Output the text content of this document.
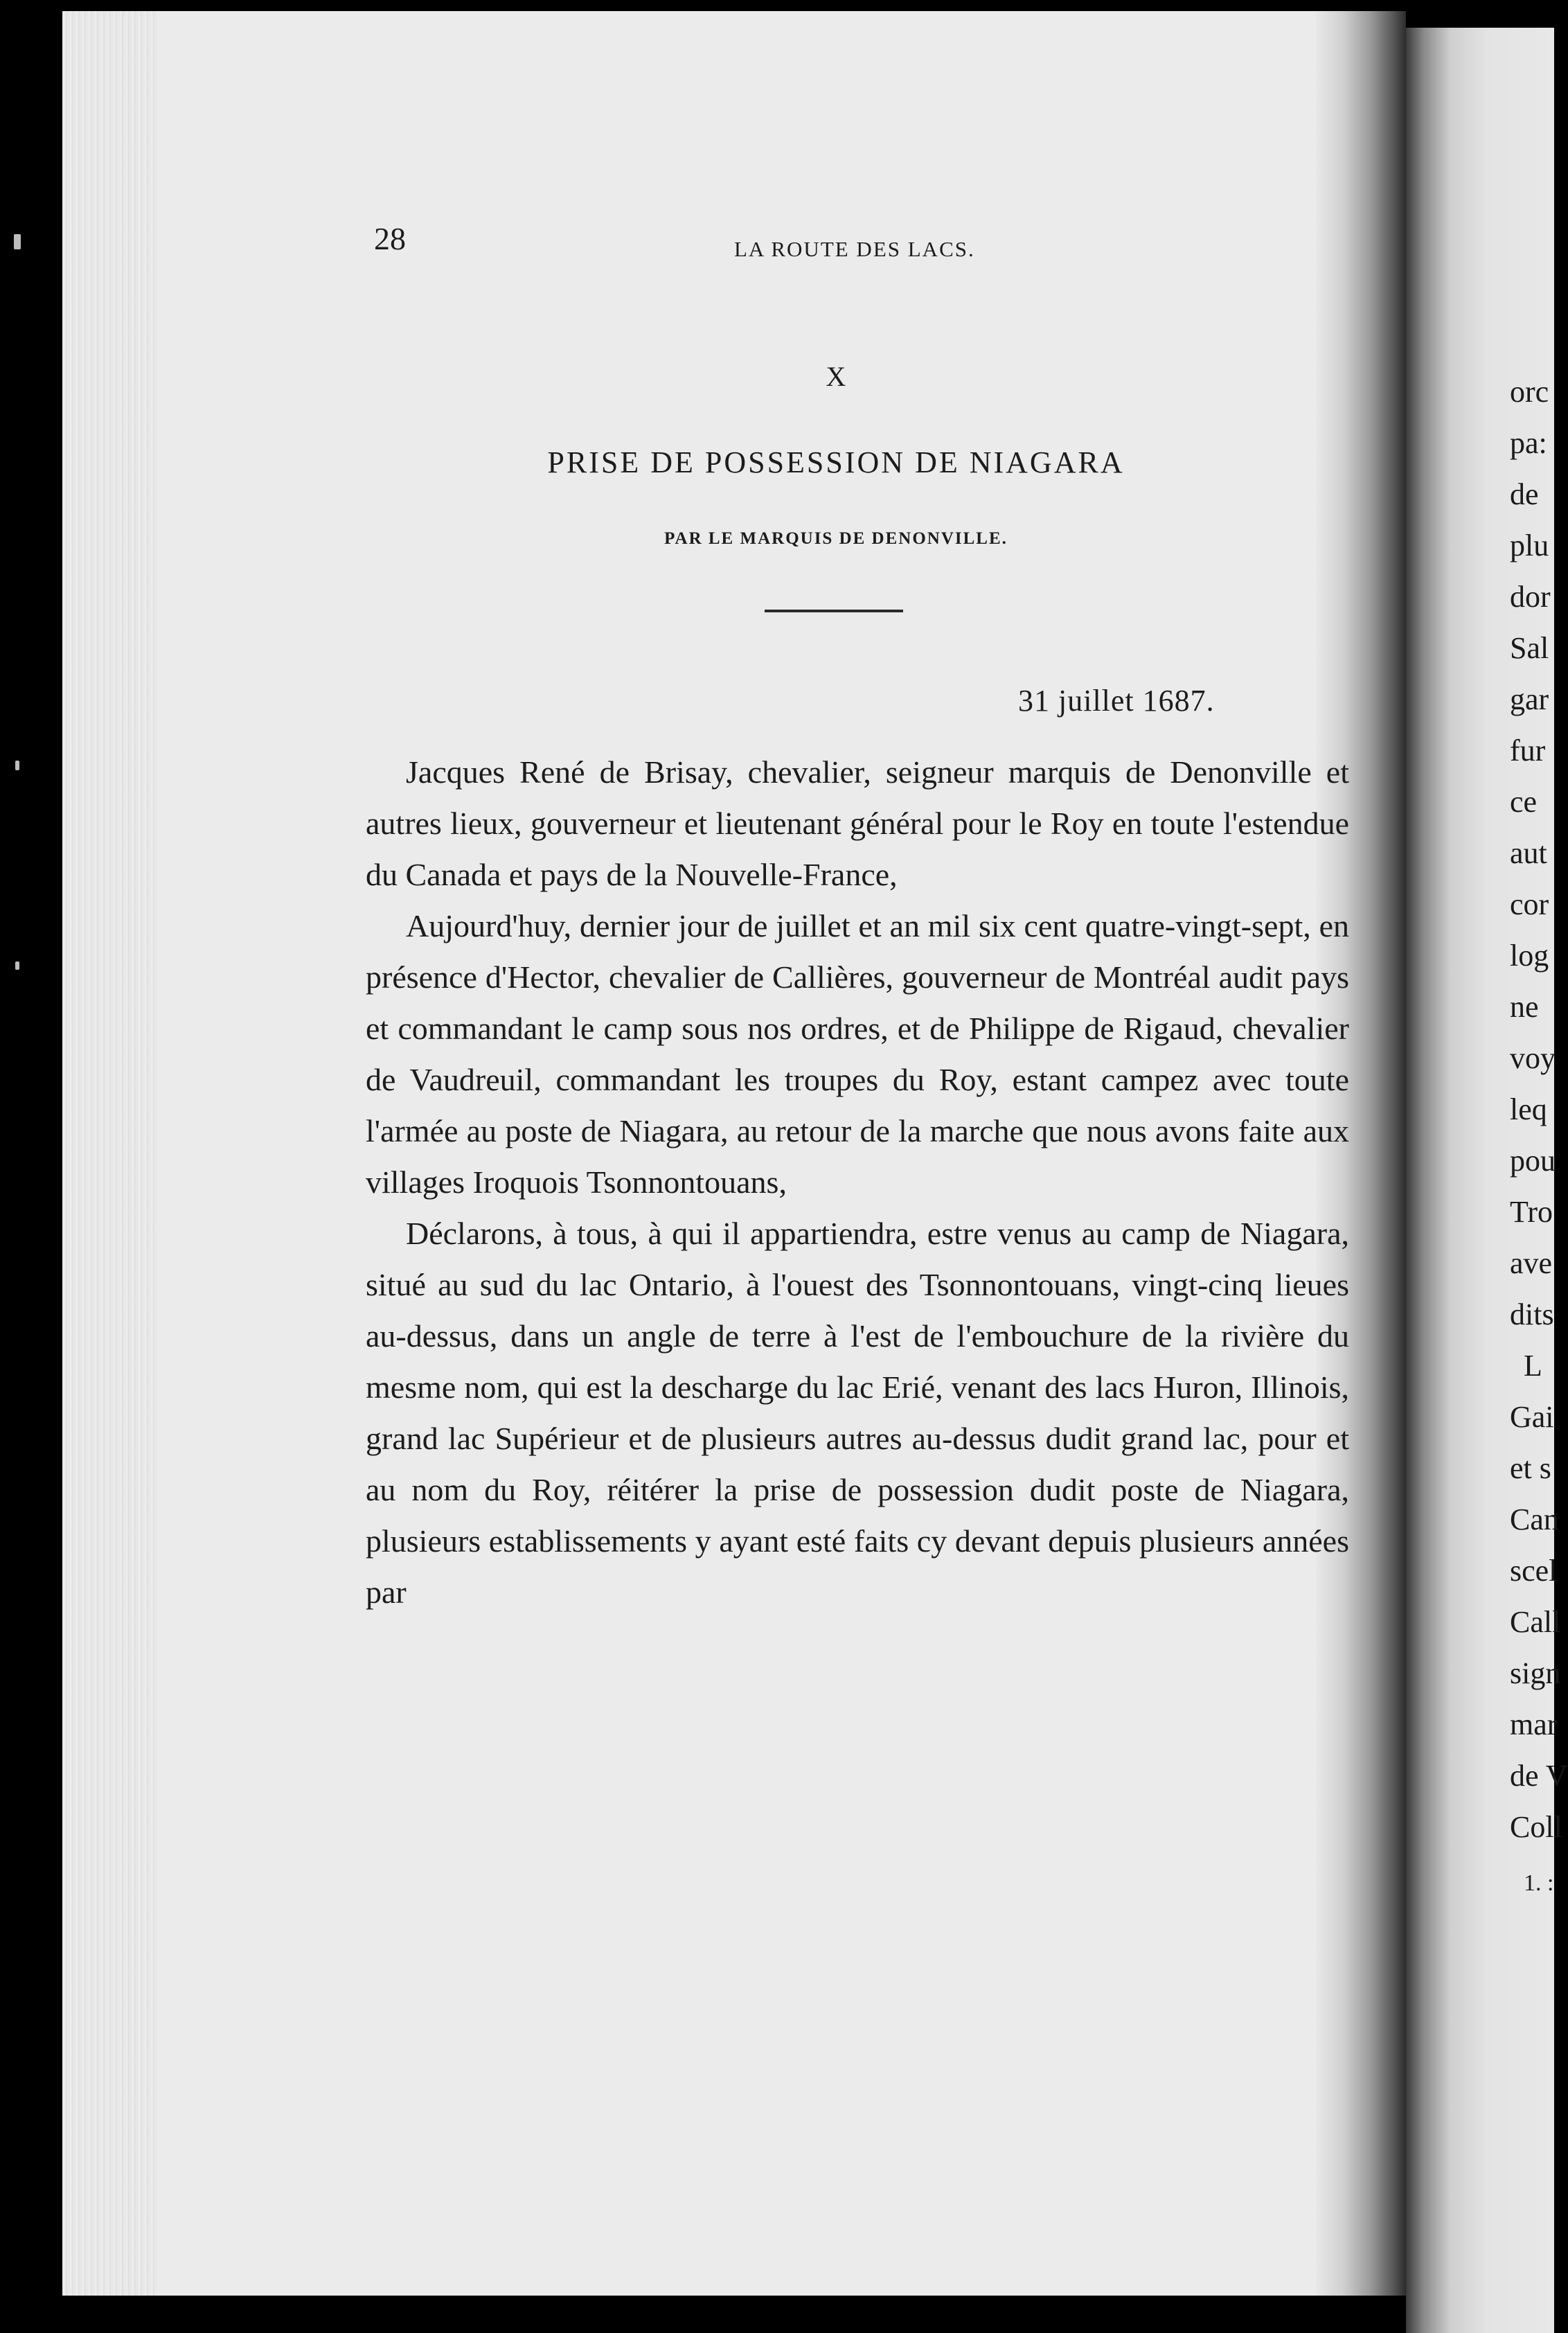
28	LA ROUTE DES LACS.
X
PRISE DE POSSESSION DE NIAGARA
PAR LE MARQUIS DE DENONVILLE.
31 juillet 1687.

Jacques René de Brisay, chevalier, seigneur marquis de Denonville et autres lieux, gouverneur et lieutenant général pour le Roy en toute l'estendue du Canada et pays de la Nouvelle-France,

Aujourd'huy, dernier jour de juillet et an mil six cent quatre-vingt-sept, en présence d'Hector, chevalier de Callières, gouverneur de Montréal audit pays et commandant le camp sous nos ordres, et de Philippe de Rigaud, chevalier de Vaudreuil, commandant les troupes du Roy, estant campez avec toute l'armée au poste de Niagara, au retour de la marche que nous avons faite aux villages Iroquois Tsonnontouans,

Déclarons, à tous, à qui il appartiendra, estre venus au camp de Niagara, situé au sud du lac Ontario, à l'ouest des Tsonnontouans, vingt-cinq lieues au-dessus, dans un angle de terre à l'est de l'embouchure de la rivière du mesme nom, qui est la descharge du lac Erié, venant des lacs Huron, Illinois, grand lac Supérieur et de plusieurs autres au-dessus dudit grand lac, pour et au nom du Roy, réitérer la prise de possession dudit poste de Niagara, plusieurs establissements y ayant esté faits cy devant depuis plusieurs années par

orc
pa:
de
plu
dor
Sal
gar
fur
ce
aut
cor
log
ne
voy
leq
pou
Tro
ave
dits
L
Gai
et s
Can
scel
Call
sign
mar
de V
Coll
1. :
